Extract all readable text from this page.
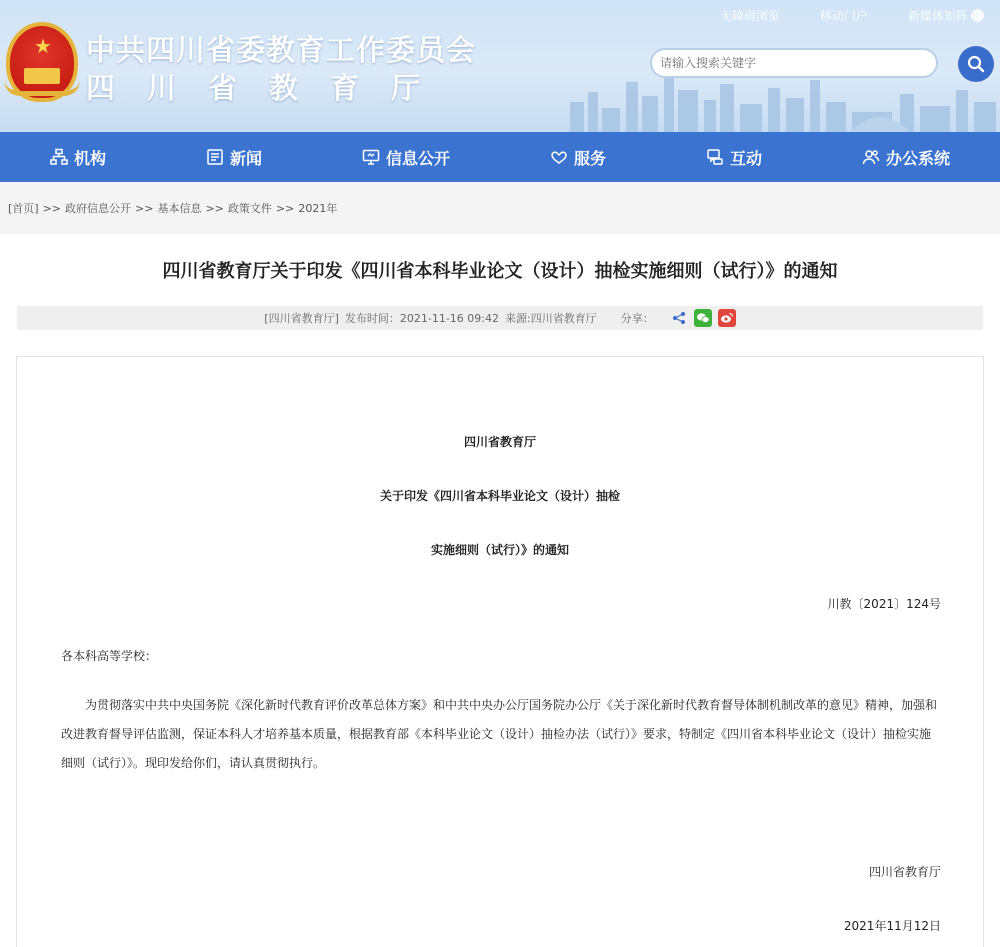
★ 中共四川省委教育工作委员会
四川省教育厅
无障碍浏览	移动门户	新媒体矩阵
请输入搜索关键字
机构	新闻	信息公开	服务	互动	办公系统
[首页] >> 政府信息公开 >> 基本信息 >> 政策文件 >> 2021年
四川省教育厅关于印发《四川省本科毕业论文（设计）抽检实施细则（试行）》的通知
[四川省教育厅] 发布时间：2021-11-16 09:42 来源:四川省教育厅 分享：

四川省教育厅

关于印发《四川省本科毕业论文（设计）抽检

实施细则（试行）》的通知

川教〔2021〕124号

各本科高等学校：

为贯彻落实中共中央国务院《深化新时代教育评价改革总体方案》和中共中央办公厅国务院办公厅《关于深化新时代教育督导体制机制改革的意见》精神，加强和改进教育督导评估监测，保证本科人才培养基本质量，根据教育部《本科毕业论文（设计）抽检办法（试行）》要求，特制定《四川省本科毕业论文（设计）抽检实施细则（试行）》。现印发给你们，请认真贯彻执行。

四川省教育厅

2021年11月12日
